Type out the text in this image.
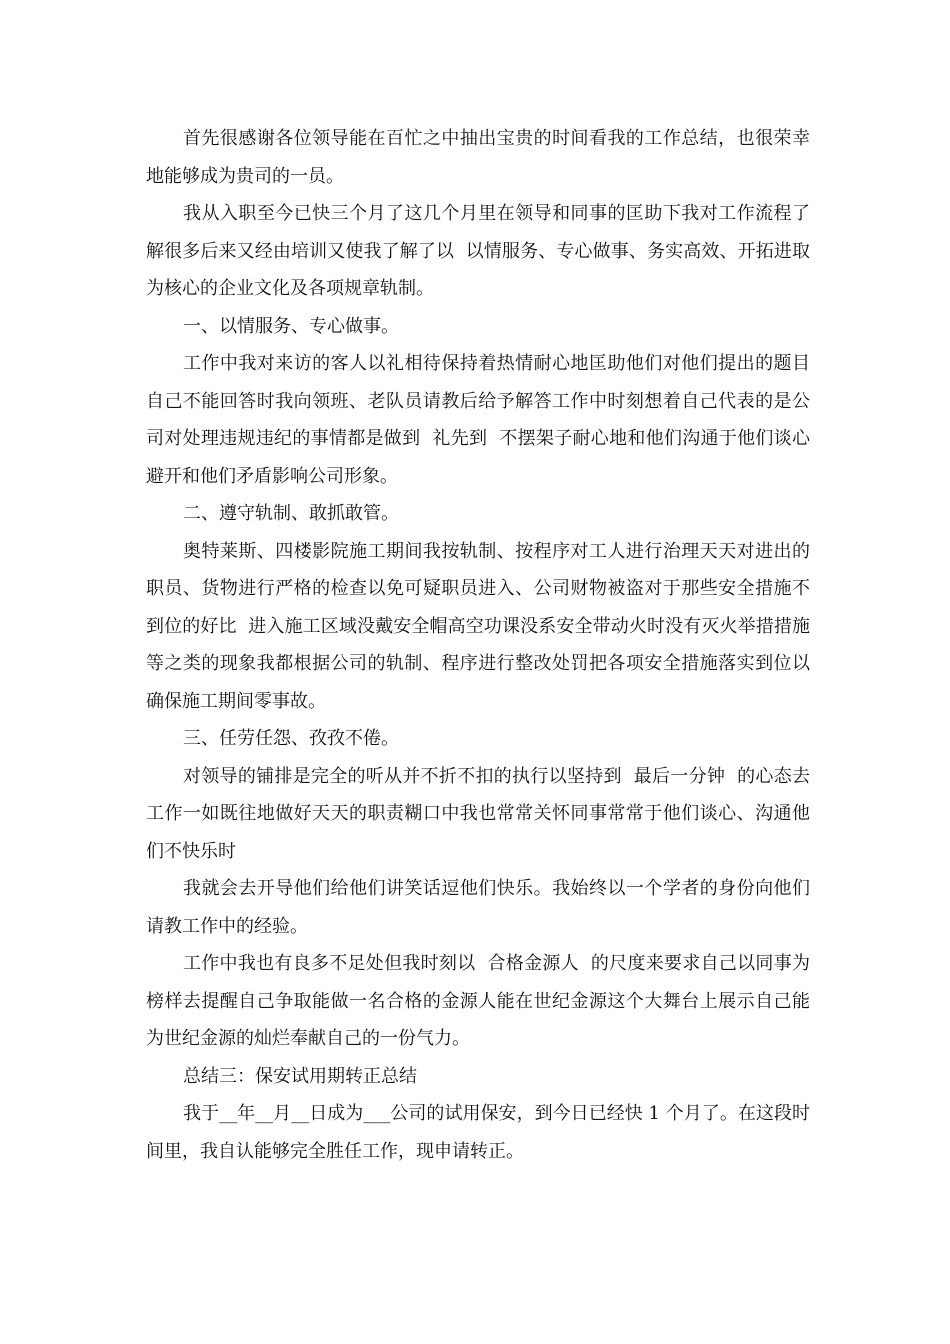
首先很感谢各位领导能在百忙之中抽出宝贵的时间看我的工作总结，也很荣幸地能够成为贵司的一员。

我从入职至今已快三个月了这几个月里在领导和同事的匡助下我对工作流程了解很多后来又经由培训又使我了解了以  以情服务、专心做事、务实高效、开拓进取  为核心的企业文化及各项规章轨制。

一、以情服务、专心做事。

工作中我对来访的客人以礼相待保持着热情耐心地匡助他们对他们提出的题目自己不能回答时我向领班、老队员请教后给予解答工作中时刻想着自己代表的是公司对处理违规违纪的事情都是做到  礼先到  不摆架子耐心地和他们沟通于他们谈心避开和他们矛盾影响公司形象。

二、遵守轨制、敢抓敢管。

奥特莱斯、四楼影院施工期间我按轨制、按程序对工人进行治理天天对进出的职员、货物进行严格的检查以免可疑职员进入、公司财物被盗对于那些安全措施不到位的好比  进入施工区域没戴安全帽高空功课没系安全带动火时没有灭火举措措施  等之类的现象我都根据公司的轨制、程序进行整改处罚把各项安全措施落实到位以确保施工期间零事故。

三、任劳任怨、孜孜不倦。

对领导的铺排是完全的听从并不折不扣的执行以坚持到  最后一分钟  的心态去工作一如既往地做好天天的职责糊口中我也常常关怀同事常常于他们谈心、沟通他们不快乐时

我就会去开导他们给他们讲笑话逗他们快乐。我始终以一个学者的身份向他们请教工作中的经验。

工作中我也有良多不足处但我时刻以  合格金源人  的尺度来要求自己以同事为榜样去提醒自己争取能做一名合格的金源人能在世纪金源这个大舞台上展示自己能为世纪金源的灿烂奉献自己的一份气力。

总结三：保安试用期转正总结

我于__年__月__日成为___公司的试用保安，到今日已经快 1 个月了。在这段时间里，我自认能够完全胜任工作，现申请转正。
